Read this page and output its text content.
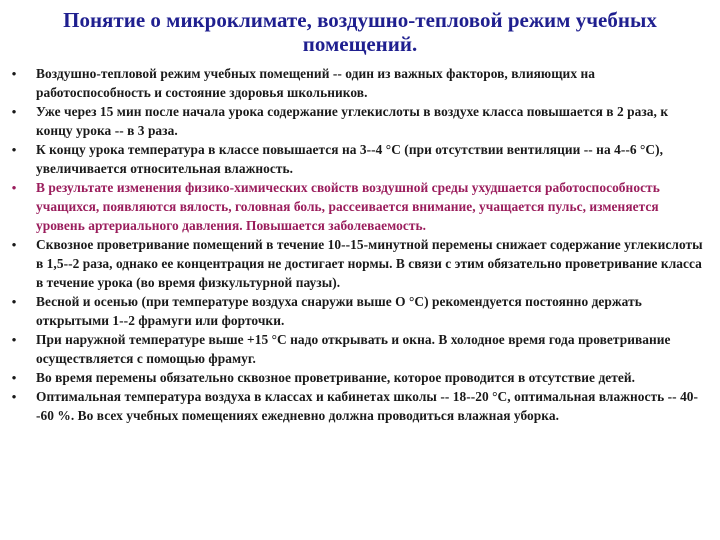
Понятие о микроклимате, воздушно-тепловой режим учебных
помещений.
• Воздушно-тепловой режим учебных помещений -- один из важных факторов, влияющих на работоспособность и состояние здоровья школьников.
• Уже через 15 мин после начала урока содержание углекислоты в воздухе класса повышается в 2 раза, к концу урока -- в 3 раза.
• К концу урока температура в классе повышается на 3--4 °С (при отсутствии вентиляции -- на 4--6 °С), увеличивается относительная влажность.
• В результате изменения физико-химических свойств воздушной среды ухудшается работоспособность учащихся, появляются вялость, головная боль, рассеивается внимание, учащается пульс, изменяется уровень артериального давления. Повышается заболеваемость.
• Сквозное проветривание помещений в течение 10--15-минутной перемены снижает содержание углекислоты в 1,5--2 раза, однако ее концентрация не достигает нормы. В связи с этим обязательно проветривание класса в течение урока (во время физкультурной паузы).
• Весной и осенью (при температуре воздуха снаружи выше О °С) рекомендуется постоянно держать открытыми 1--2 фрамуги или форточки.
• При наружной температуре выше +15 °С надо открывать и окна. В холодное время года проветривание осуществляется с помощью фрамуг.
• Во время перемены обязательно сквозное проветривание, которое проводится в отсутствие детей.
• Оптимальная температура воздуха в классах и кабинетах школы -- 18--20 °С, оптимальная влажность -- 40--60 %. Во всех учебных помещениях ежедневно должна проводиться влажная уборка.
